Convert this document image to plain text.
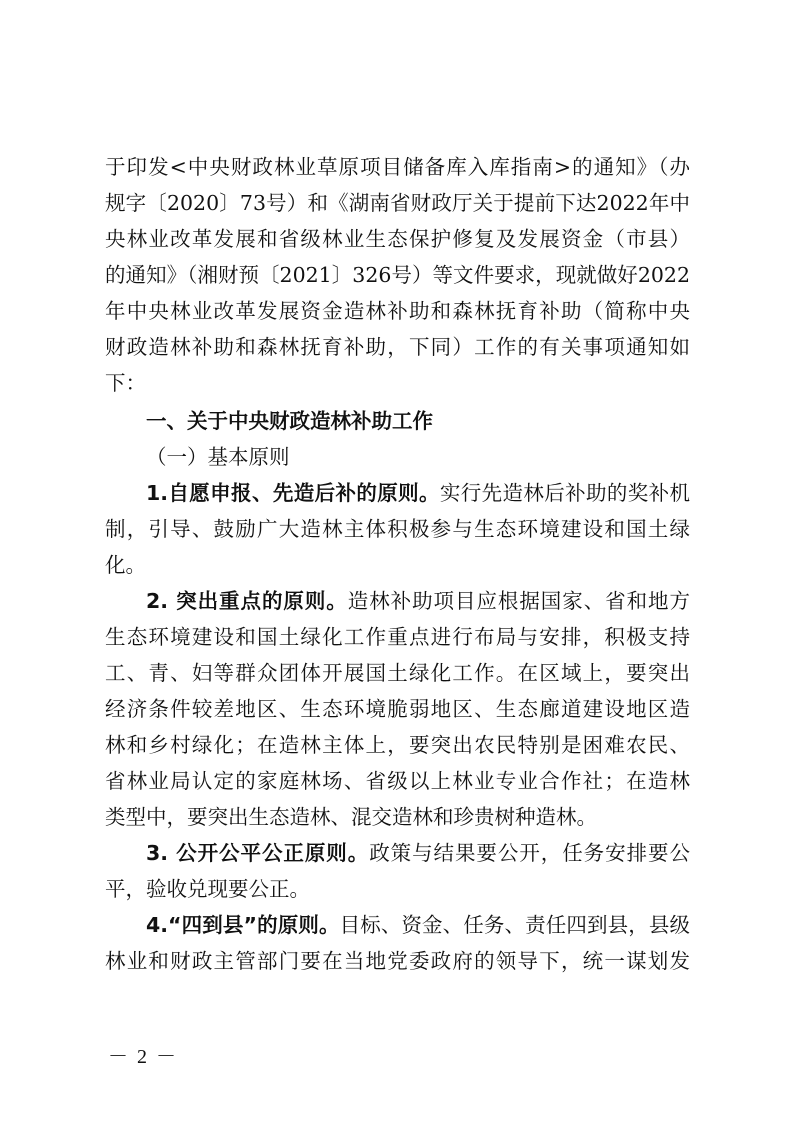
于印发<中央财政林业草原项目储备库入库指南>的通知》（办
规字〔2020〕73号）和《湖南省财政厅关于提前下达2022年中
央林业改革发展和省级林业生态保护修复及发展资金（市县）
的通知》（湘财预〔2021〕326号）等文件要求，现就做好2022
年中央林业改革发展资金造林补助和森林抚育补助（简称中央
财政造林补助和森林抚育补助，下同）工作的有关事项通知如
下：
一、关于中央财政造林补助工作
（一）基本原则
1.自愿申报、先造后补的原则。实行先造林后补助的奖补机
制，引导、鼓励广大造林主体积极参与生态环境建设和国土绿
化。
2. 突出重点的原则。造林补助项目应根据国家、省和地方
生态环境建设和国土绿化工作重点进行布局与安排，积极支持
工、青、妇等群众团体开展国土绿化工作。在区域上，要突出
经济条件较差地区、生态环境脆弱地区、生态廊道建设地区造
林和乡村绿化；在造林主体上，要突出农民特别是困难农民、
省林业局认定的家庭林场、省级以上林业专业合作社；在造林
类型中，要突出生态造林、混交造林和珍贵树种造林。
3. 公开公平公正原则。政策与结果要公开，任务安排要公
平，验收兑现要公正。
4.“四到县”的原则。目标、资金、任务、责任四到县，县级
林业和财政主管部门要在当地党委政府的领导下，统一谋划发
－ 2 －
